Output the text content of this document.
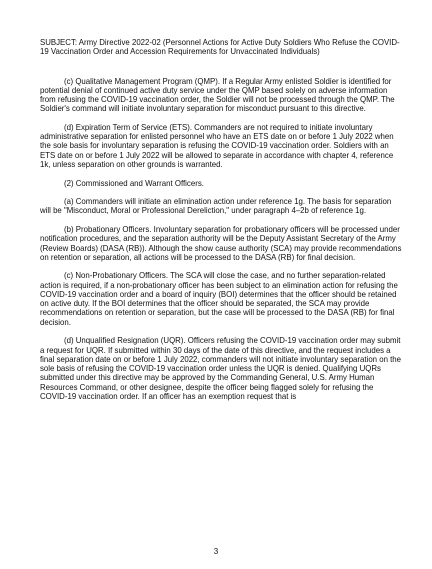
SUBJECT: Army Directive 2022-02 (Personnel Actions for Active Duty Soldiers Who Refuse the COVID-19 Vaccination Order and Accession Requirements for Unvaccinated Individuals)

(c) Qualitative Management Program (QMP). If a Regular Army enlisted Soldier is identified for potential denial of continued active duty service under the QMP based solely on adverse information from refusing the COVID-19 vaccination order, the Soldier will not be processed through the QMP. The Soldier's command will initiate involuntary separation for misconduct pursuant to this directive.

(d) Expiration Term of Service (ETS). Commanders are not required to initiate involuntary administrative separation for enlisted personnel who have an ETS date on or before 1 July 2022 when the sole basis for involuntary separation is refusing the COVID-19 vaccination order. Soldiers with an ETS date on or before 1 July 2022 will be allowed to separate in accordance with chapter 4, reference 1k, unless separation on other grounds is warranted.

(2) Commissioned and Warrant Officers.

(a) Commanders will initiate an elimination action under reference 1g. The basis for separation will be "Misconduct, Moral or Professional Dereliction," under paragraph 4–2b of reference 1g.

(b) Probationary Officers. Involuntary separation for probationary officers will be processed under notification procedures, and the separation authority will be the Deputy Assistant Secretary of the Army (Review Boards) (DASA (RB)). Although the show cause authority (SCA) may provide recommendations on retention or separation, all actions will be processed to the DASA (RB) for final decision.

(c) Non-Probationary Officers. The SCA will close the case, and no further separation-related action is required, if a non-probationary officer has been subject to an elimination action for refusing the COVID-19 vaccination order and a board of inquiry (BOI) determines that the officer should be retained on active duty. If the BOI determines that the officer should be separated, the SCA may provide recommendations on retention or separation, but the case will be processed to the DASA (RB) for final decision.

(d) Unqualified Resignation (UQR). Officers refusing the COVID-19 vaccination order may submit a request for UQR. If submitted within 30 days of the date of this directive, and the request includes a final separation date on or before 1 July 2022, commanders will not initiate involuntary separation on the sole basis of refusing the COVID-19 vaccination order unless the UQR is denied. Qualifying UQRs submitted under this directive may be approved by the Commanding General, U.S. Army Human Resources Command, or other designee, despite the officer being flagged solely for refusing the COVID-19 vaccination order. If an officer has an exemption request that is

3
